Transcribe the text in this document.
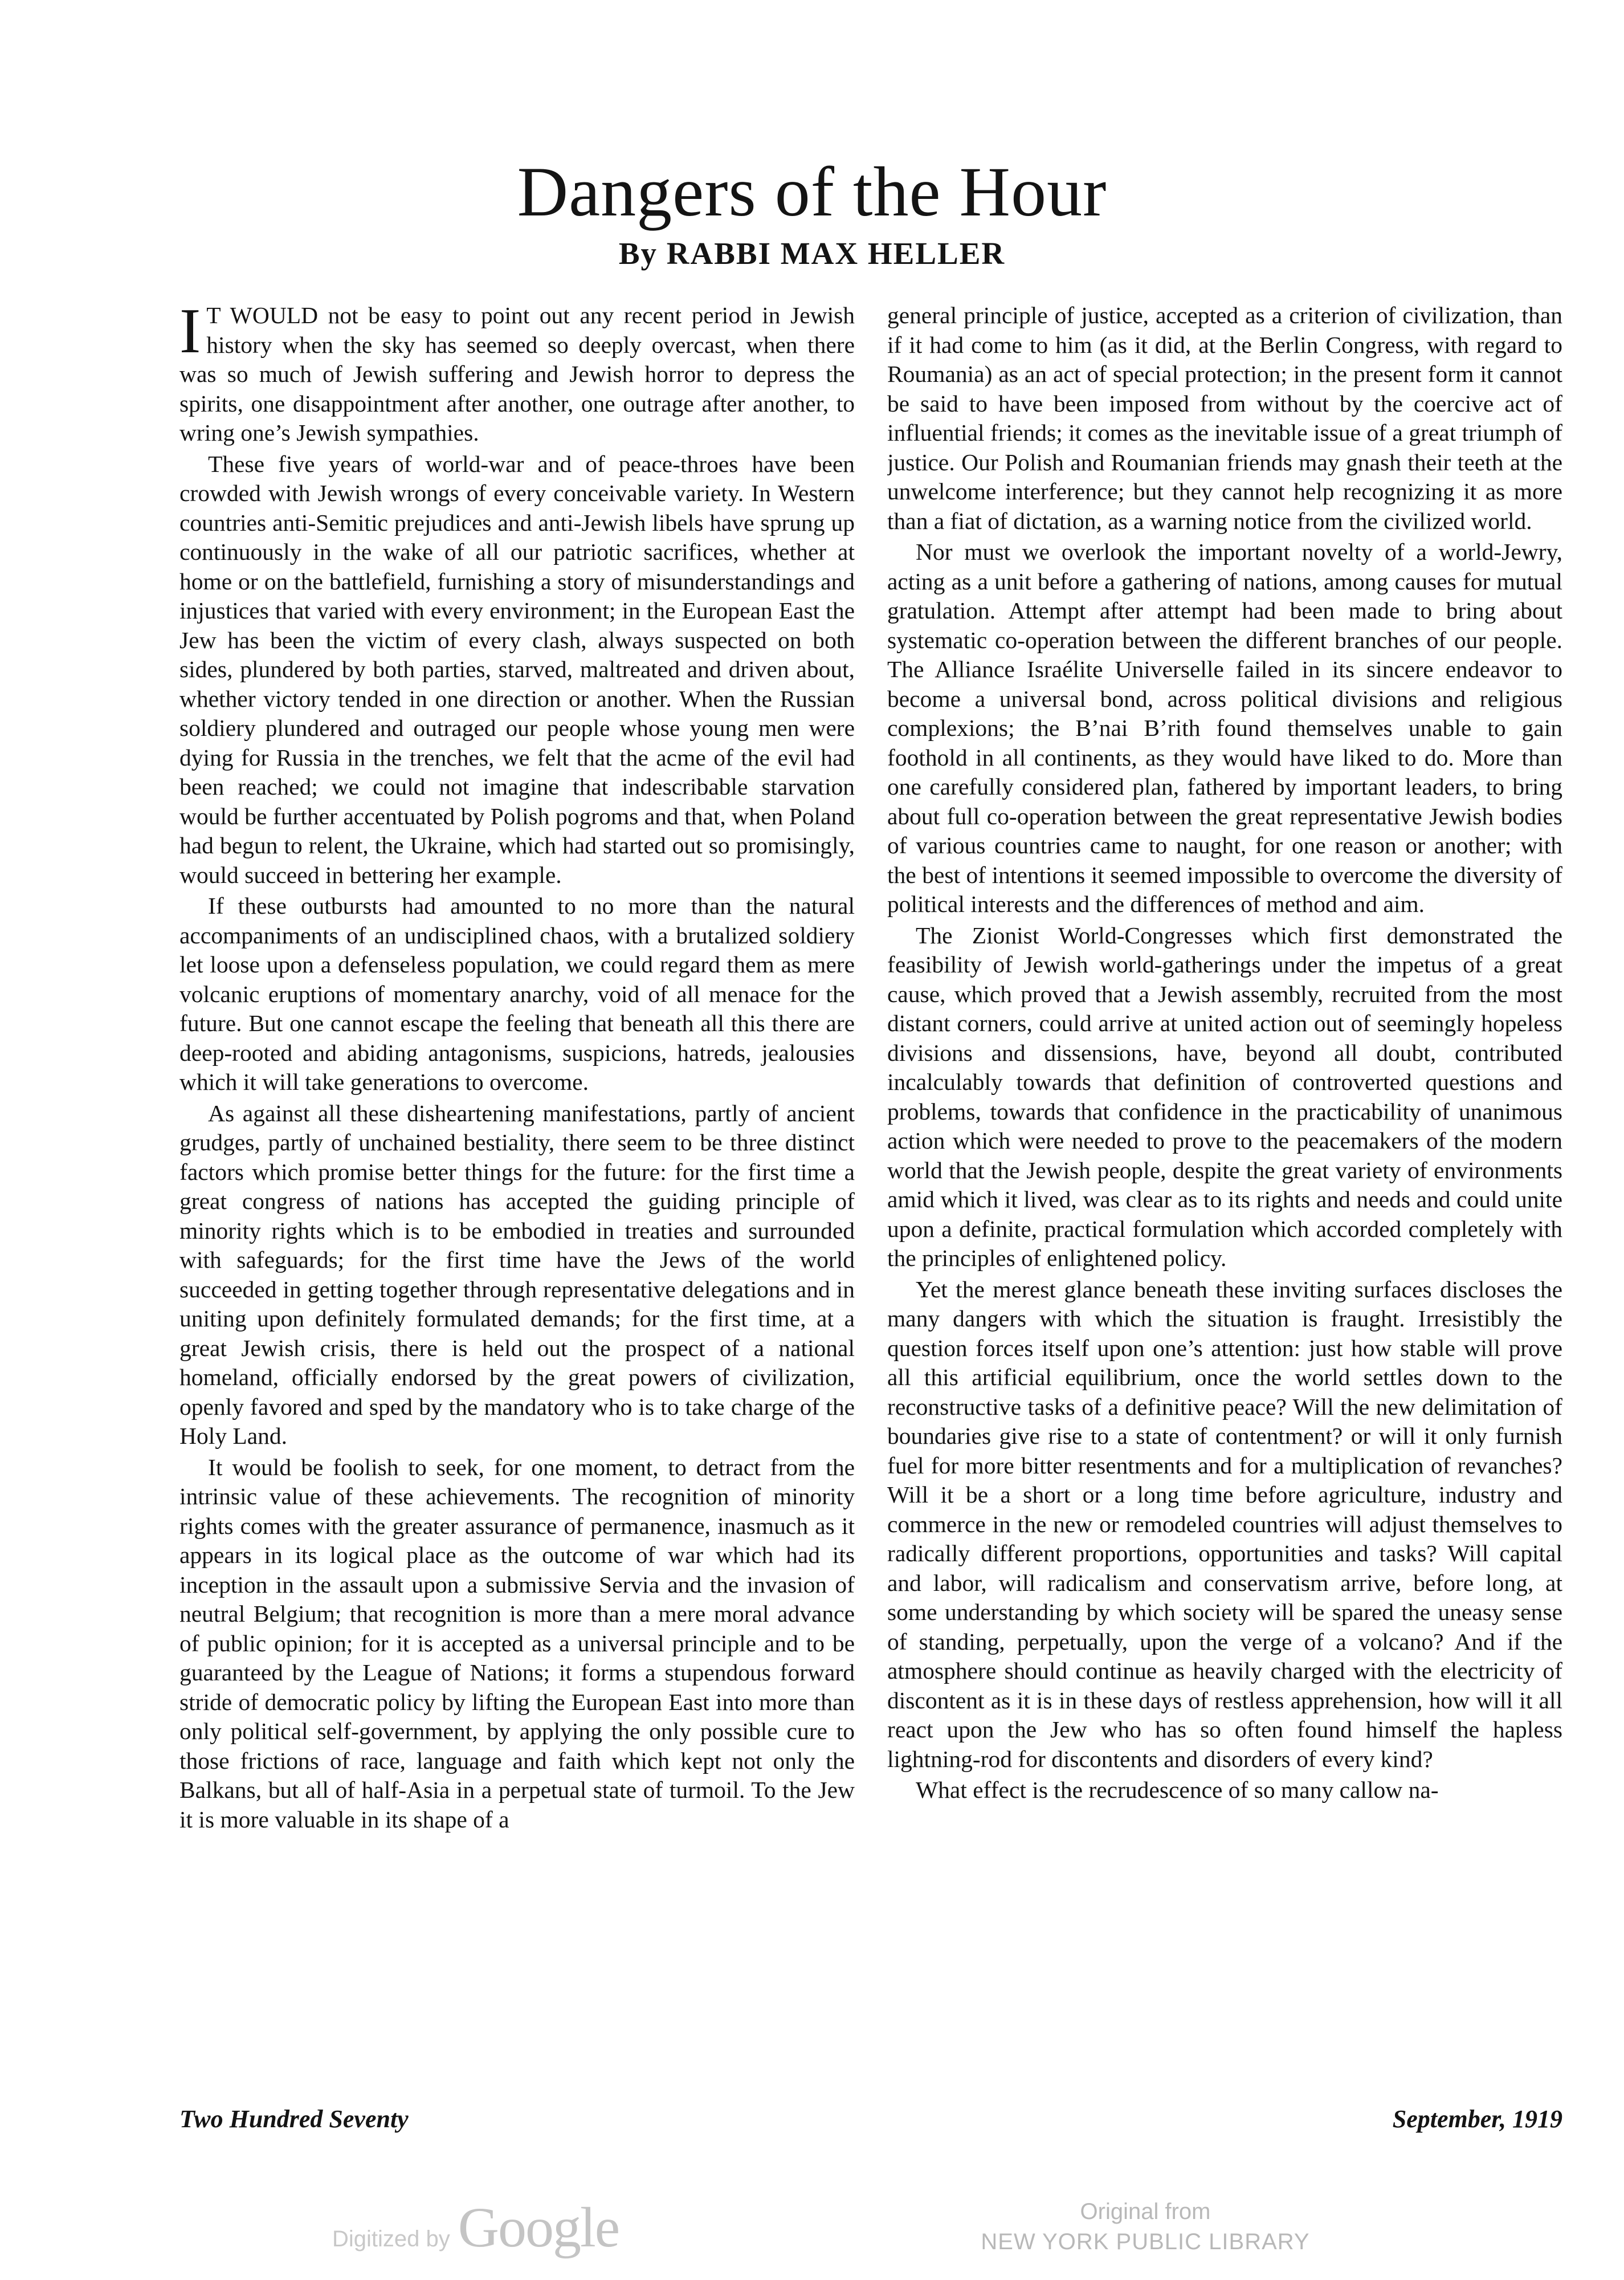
Dangers of the Hour
By RABBI MAX HELLER

I T WOULD not be easy to point out any recent period in Jewish history when the sky has seemed so deeply overcast, when there was so much of Jewish suffering and Jewish horror to depress the spirits, one disappointment after another, one outrage after another, to wring one’s Jewish sympathies.

These five years of world-war and of peace-throes have been crowded with Jewish wrongs of every conceivable variety. In Western countries anti-Semitic prejudices and anti-Jewish libels have sprung up continuously in the wake of all our patriotic sacrifices, whether at home or on the battlefield, furnishing a story of misunderstandings and injustices that varied with every environment; in the European East the Jew has been the victim of every clash, always suspected on both sides, plundered by both parties, starved, maltreated and driven about, whether victory tended in one direction or another. When the Russian soldiery plundered and outraged our people whose young men were dying for Russia in the trenches, we felt that the acme of the evil had been reached; we could not imagine that indescribable starvation would be further accentuated by Polish pogroms and that, when Poland had begun to relent, the Ukraine, which had started out so promisingly, would succeed in bettering her example.

If these outbursts had amounted to no more than the natural accompaniments of an undisciplined chaos, with a brutalized soldiery let loose upon a defenseless population, we could regard them as mere volcanic eruptions of momentary anarchy, void of all menace for the future. But one cannot escape the feeling that beneath all this there are deep-rooted and abiding antagonisms, suspicions, hatreds, jealousies which it will take generations to overcome.

As against all these disheartening manifestations, partly of ancient grudges, partly of unchained bestiality, there seem to be three distinct factors which promise better things for the future: for the first time a great congress of nations has accepted the guiding principle of minority rights which is to be embodied in treaties and surrounded with safeguards; for the first time have the Jews of the world succeeded in getting together through representative delegations and in uniting upon definitely formulated demands; for the first time, at a great Jewish crisis, there is held out the prospect of a national homeland, officially endorsed by the great powers of civilization, openly favored and sped by the mandatory who is to take charge of the Holy Land.

It would be foolish to seek, for one moment, to detract from the intrinsic value of these achievements. The recognition of minority rights comes with the greater assurance of permanence, inasmuch as it appears in its logical place as the outcome of war which had its inception in the assault upon a submissive Servia and the invasion of neutral Belgium; that recognition is more than a mere moral advance of public opinion; for it is accepted as a universal principle and to be guaranteed by the League of Nations; it forms a stupendous forward stride of democratic policy by lifting the European East into more than only political self-government, by applying the only possible cure to those frictions of race, language and faith which kept not only the Balkans, but all of half-Asia in a perpetual state of turmoil. To the Jew it is more valuable in its shape of a

general principle of justice, accepted as a criterion of civilization, than if it had come to him (as it did, at the Berlin Congress, with regard to Roumania) as an act of special protection; in the present form it cannot be said to have been imposed from without by the coercive act of influential friends; it comes as the inevitable issue of a great triumph of justice. Our Polish and Roumanian friends may gnash their teeth at the unwelcome interference; but they cannot help recognizing it as more than a fiat of dictation, as a warning notice from the civilized world.

Nor must we overlook the important novelty of a world-Jewry, acting as a unit before a gathering of nations, among causes for mutual gratulation. Attempt after attempt had been made to bring about systematic co-operation between the different branches of our people. The Alliance Israélite Universelle failed in its sincere endeavor to become a universal bond, across political divisions and religious complexions; the B’nai B’rith found themselves unable to gain foothold in all continents, as they would have liked to do. More than one carefully considered plan, fathered by important leaders, to bring about full co-operation between the great representative Jewish bodies of various countries came to naught, for one reason or another; with the best of intentions it seemed impossible to overcome the diversity of political interests and the differences of method and aim.

The Zionist World-Congresses which first demonstrated the feasibility of Jewish world-gatherings under the impetus of a great cause, which proved that a Jewish assembly, recruited from the most distant corners, could arrive at united action out of seemingly hopeless divisions and dissensions, have, beyond all doubt, contributed incalculably towards that definition of controverted questions and problems, towards that confidence in the practicability of unanimous action which were needed to prove to the peacemakers of the modern world that the Jewish people, despite the great variety of environments amid which it lived, was clear as to its rights and needs and could unite upon a definite, practical formulation which accorded completely with the principles of enlightened policy.

Yet the merest glance beneath these inviting surfaces discloses the many dangers with which the situation is fraught. Irresistibly the question forces itself upon one’s attention: just how stable will prove all this artificial equilibrium, once the world settles down to the reconstructive tasks of a definitive peace? Will the new delimitation of boundaries give rise to a state of contentment? or will it only furnish fuel for more bitter resentments and for a multiplication of revanches? Will it be a short or a long time before agriculture, industry and commerce in the new or remodeled countries will adjust themselves to radically different proportions, opportunities and tasks? Will capital and labor, will radicalism and conservatism arrive, before long, at some understanding by which society will be spared the uneasy sense of standing, perpetually, upon the verge of a volcano? And if the atmosphere should continue as heavily charged with the electricity of discontent as it is in these days of restless apprehension, how will it all react upon the Jew who has so often found himself the hapless lightning-rod for discontents and disorders of every kind?

What effect is the recrudescence of so many callow na-

Two Hundred Seventy	September, 1919
Digitized by Google	Original from
NEW YORK PUBLIC LIBRARY
